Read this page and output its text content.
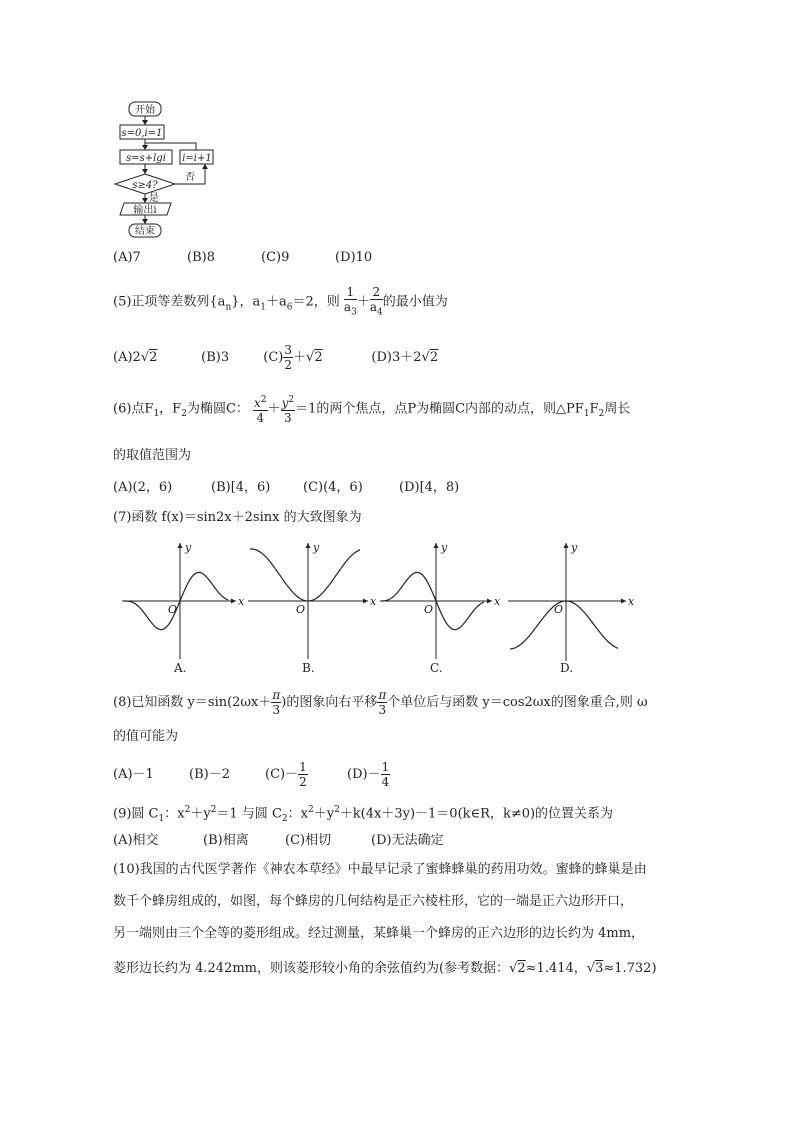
开始
s=0,i=1
s=s+lgi i=i+1
s≥4?
否
是
输出i
结束
(A)7	(B)8	(C)9	(D)10
(5)正项等差数列$\{a_n\}$，$a_1+a_6=2$，则 $\frac{1}{a_3} + \frac{2}{a_4}$ 的最小值为
(A)2√2	(B)3	$(C) \frac{3}{2} +√2$	(D)3＋2√2
(6)点$F_1$，$F_2$为椭圆C： $\frac{x^2}{4} + \frac{y^2}{3} =1$的两个焦点，点P为椭圆C内部的动点，则$\triangle PF_1F_2$周长
的取值范围为
(A)(2，6)	(B)[4，6)	(C)(4，6)	(D)[4，8)
(7)函数 f(x)＝sin2x＋2sinx 的大致图象为
x
y
O
A.
x
y
O
B.
x
y
O
C.
x
y
O
D.
(8)已知函数 $y=\sin(2\omega x+ \frac{\pi}{3}$ )的图象向右平移 $\frac{\pi}{3}$ 个单位后与函数 y＝cos2ωx的图象重合,则 ω
的值可能为
(A)－1	(B)－2	$(C)- \frac{1}{2}$	$(D)- \frac{1}{4}$
(9)圆 $C_1$：$x^2+y^2=1$ 与圆 $C_2$：$x^2+y^2+k(4x+3y)-1=0(k\in R$，k≠0)的位置关系为
(A)相交	(B)相离	(C)相切	(D)无法确定
(10)我国的古代医学著作《神农本草经》中最早记录了蜜蜂蜂巢的药用功效。蜜蜂的蜂巢是由
数千个蜂房组成的，如图，每个蜂房的几何结构是正六棱柱形，它的一端是正六边形开口，
另一端则由三个全等的菱形组成。经过测量，某蜂巢一个蜂房的正六边形的边长约为 4mm，
菱形边长约为 4.242mm，则该菱形较小角的余弦值约为(参考数据：√2≈1.414，√3≈1.732)
